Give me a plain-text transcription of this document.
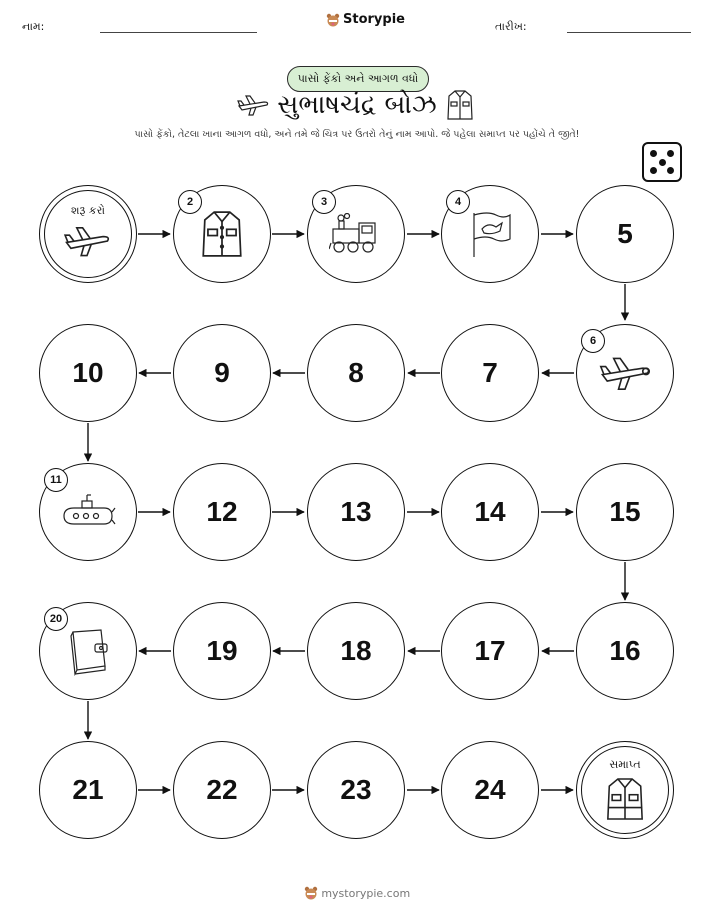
નામ:	Storypie	તારીખ:
પાસો ફેંકો અને આગળ વધો
સુભાષચંદ્ર બોઝ
પાસો ફેંકો, તેટલા ખાના આગળ વધો, અને તમે જે ચિત્ર પર ઉતરો તેનું નામ આપો. જે પહેલા સમાપ્ત પર પહોંચે તે જીતે!
શરૂ કરો
2	3	4
5
10	9	8	7
6
11
12	13	14	15
20
19	18	17	16
21	22	23	24
સમાપ્ત
mystorypie.com
